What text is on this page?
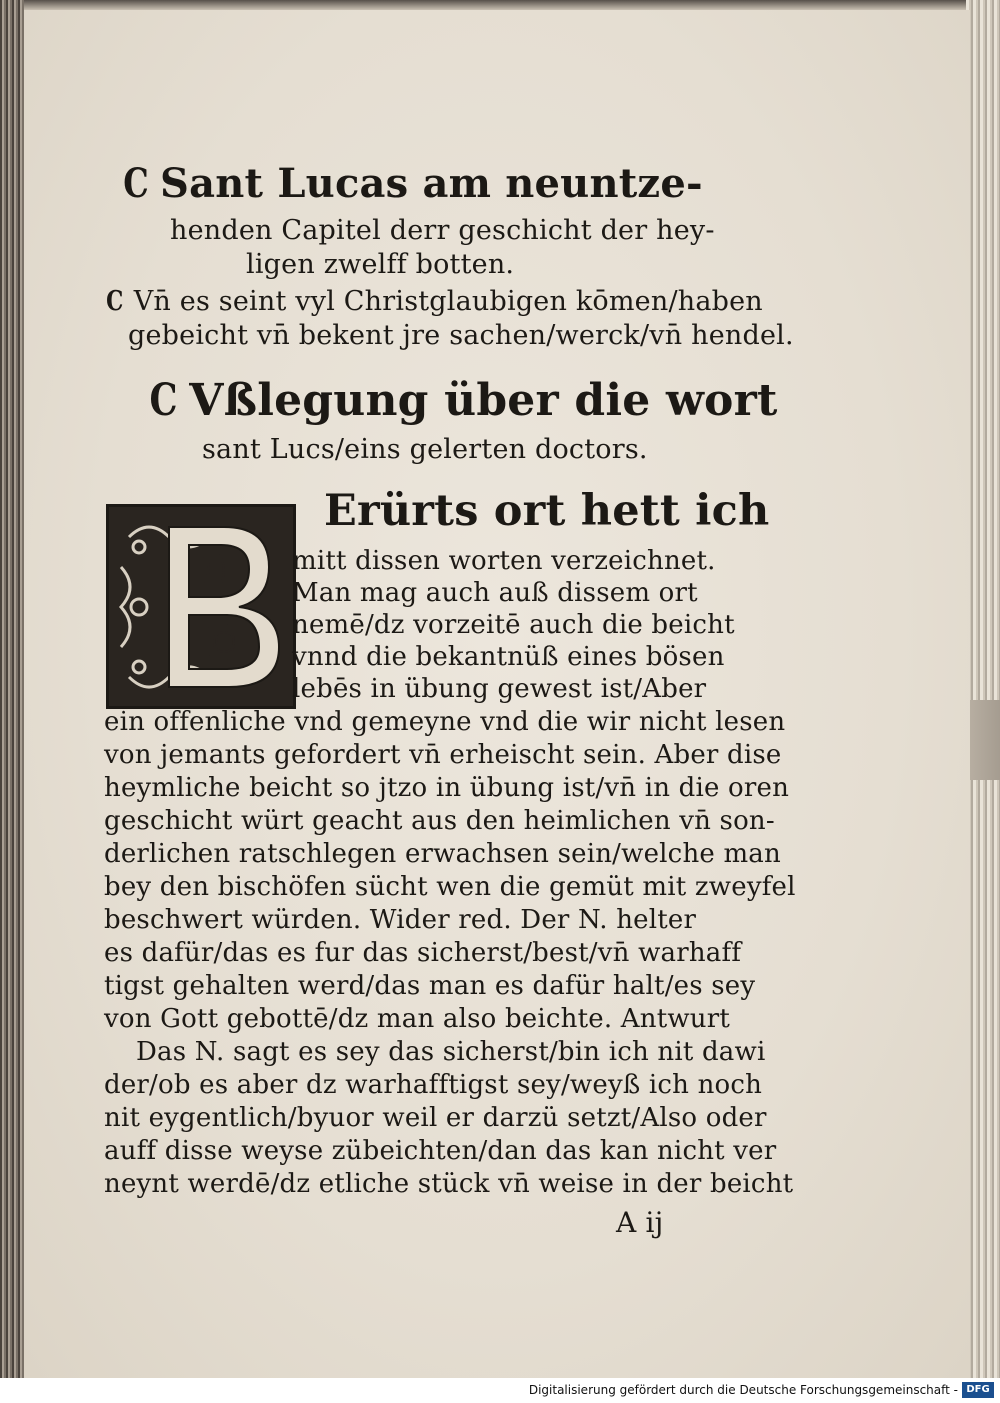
C Sant Lucas am neuntze-
henden Capitel derr geschicht der hey-
ligen zwelff botten.
C Vn̄ es seint vyl Christglaubigen kōmen/haben
gebeicht vn̄ bekent jre sachen/werck/vn̄ hendel.
C Vßlegung über die wort
sant Lucs/eins gelerten doctors.
Erürts ort hett ich
mitt dissen worten verzeichnet.
Man mag auch auß dissem ort
nemē/dz vorzeitē auch die beicht
vnnd die bekantnüß eines bösen
lebēs in übung gewest ist/Aber
ein offenliche vnd gemeyne vnd die wir nicht lesen
von jemants gefordert vn̄ erheischt sein. Aber dise
heymliche beicht so jtzo in übung ist/vn̄ in die oren
geschicht würt geacht aus den heimlichen vn̄ son-
derlichen ratschlegen erwachsen sein/welche man
bey den bischöfen sücht wen die gemüt mit zweyfel
beschwert würden. Wider red. Der N. helter
es dafür/das es fur das sicherst/best/vn̄ warhaff
tigst gehalten werd/das man es dafür halt/es sey
von Gott gebottē/dz man also beichte. Antwurt
Das N. sagt es sey das sicherst/bin ich nit dawi
der/ob es aber dz warhafftigst sey/weyß ich noch
nit eygentlich/byuor weil er darzü setzt/Also oder
auff disse weyse zübeichten/dan das kan nicht ver
neynt werdē/dz etliche stück vn̄ weise in der beicht
A ij
Digitalisierung gefördert durch die Deutsche Forschungsgemeinschaft - DFG
